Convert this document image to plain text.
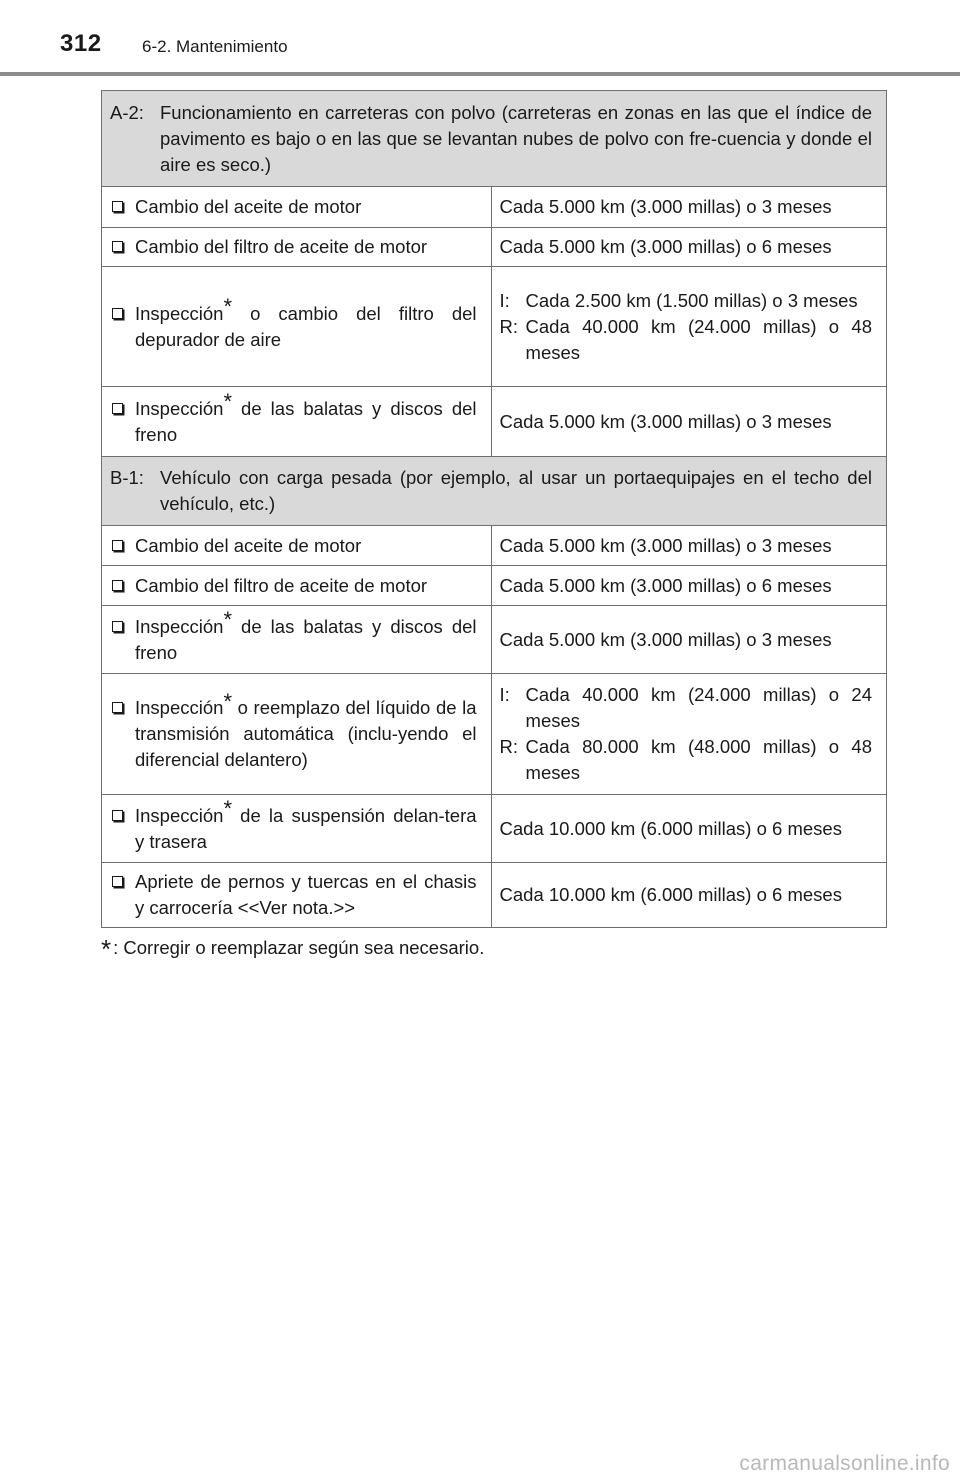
312 6-2. Mantenimiento
A-2: Funcionamiento en carreteras con polvo (carreteras en zonas en las que el índice de pavimento es bajo o en las que se levantan nubes de polvo con fre-cuencia y donde el aire es seco.)	

Cambio del aceite de motor	Cada 5.000 km (3.000 millas) o 3 meses

Cambio del filtro de aceite de motor	Cada 5.000 km (3.000 millas) o 6 meses

Inspección* o cambio del filtro del depurador de aire	I: Cada 2.500 km (1.500 millas) o 3 meses
R: Cada 40.000 km (24.000 millas) o 48 meses

Inspección* de las balatas y discos del freno	Cada 5.000 km (3.000 millas) o 3 meses

B-1: Vehículo con carga pesada (por ejemplo, al usar un portaequipajes en el techo del vehículo, etc.)	

Cambio del aceite de motor	Cada 5.000 km (3.000 millas) o 3 meses

Cambio del filtro de aceite de motor	Cada 5.000 km (3.000 millas) o 6 meses

Inspección* de las balatas y discos del freno	Cada 5.000 km (3.000 millas) o 3 meses

Inspección* o reemplazo del líquido de la transmisión automática (inclu-yendo el diferencial delantero)	I: Cada 40.000 km (24.000 millas) o 24 meses
R: Cada 80.000 km (48.000 millas) o 48 meses

Inspección* de la suspensión delan-tera y trasera	Cada 10.000 km (6.000 millas) o 6 meses

Apriete de pernos y tuercas en el chasis y carrocería <<Ver nota.>>	Cada 10.000 km (6.000 millas) o 6 meses
* : Corregir o reemplazar según sea necesario.
carmanualsonline.info
